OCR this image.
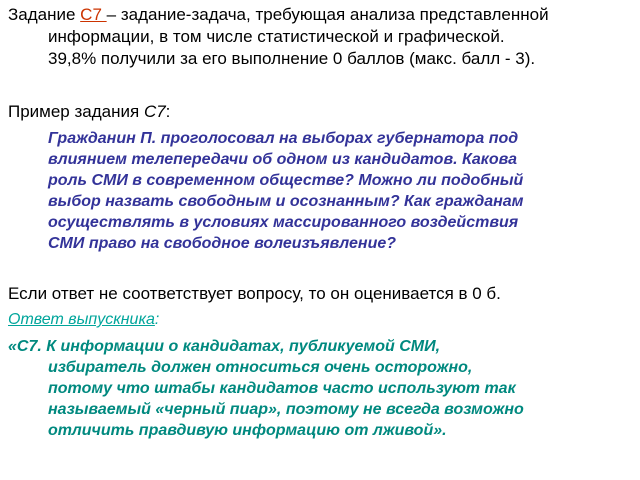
Задание С7 – задание-задача, требующая анализа представленной
информации, в том числе статистической и графической.
39,8% получили за его выполнение 0 баллов (макс. балл - 3).

Пример задания С7:

Гражданин П. проголосовал на выборах губернатора под
влиянием телепередачи об одном из кандидатов. Какова
роль СМИ в современном обществе? Можно ли подобный
выбор назвать свободным и осознанным? Как гражданам
осуществлять в условиях массированного воздействия
СМИ право на свободное волеизъявление?

Если ответ не соответствует вопросу, то он оценивается в 0 б.

Ответ выпускника:

«С7. К информации о кандидатах, публикуемой СМИ,
избиратель должен относиться очень осторожно,
потому что штабы кандидатов часто используют так
называемый «черный пиар», поэтому не всегда возможно
отличить правдивую информацию от лживой».
